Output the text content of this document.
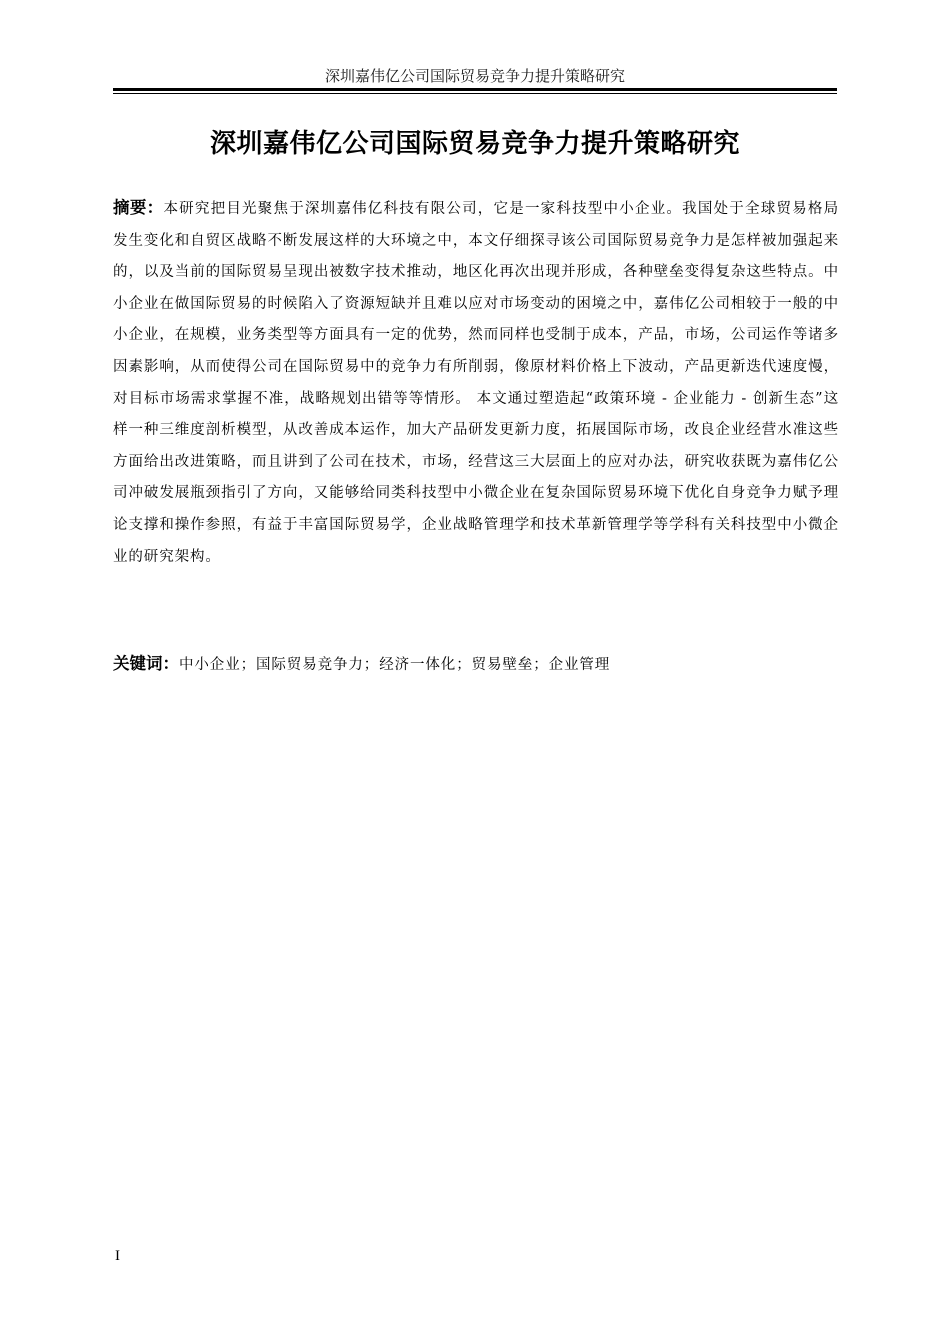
深圳嘉伟亿公司国际贸易竞争力提升策略研究
深圳嘉伟亿公司国际贸易竞争力提升策略研究

摘要：本研究把目光聚焦于深圳嘉伟亿科技有限公司，它是一家科技型中小企业。我国处于全球贸易格局发生变化和自贸区战略不断发展这样的大环境之中，本文仔细探寻该公司国际贸易竞争力是怎样被加强起来的，以及当前的国际贸易呈现出被数字技术推动，地区化再次出现并形成，各种壁垒变得复杂这些特点。中小企业在做国际贸易的时候陷入了资源短缺并且难以应对市场变动的困境之中，嘉伟亿公司相较于一般的中小企业，在规模，业务类型等方面具有一定的优势，然而同样也受制于成本，产品，市场，公司运作等诸多因素影响，从而使得公司在国际贸易中的竞争力有所削弱，像原材料价格上下波动，产品更新迭代速度慢，对目标市场需求掌握不准，战略规划出错等等情形。 本文通过塑造起“政策环境 - 企业能力 - 创新生态”这样一种三维度剖析模型，从改善成本运作，加大产品研发更新力度，拓展国际市场，改良企业经营水准这些方面给出改进策略，而且讲到了公司在技术，市场，经营这三大层面上的应对办法，研究收获既为嘉伟亿公司冲破发展瓶颈指引了方向，又能够给同类科技型中小微企业在复杂国际贸易环境下优化自身竞争力赋予理论支撑和操作参照，有益于丰富国际贸易学，企业战略管理学和技术革新管理学等学科有关科技型中小微企业的研究架构。

关键词：中小企业；国际贸易竞争力；经济一体化；贸易壁垒；企业管理

I
